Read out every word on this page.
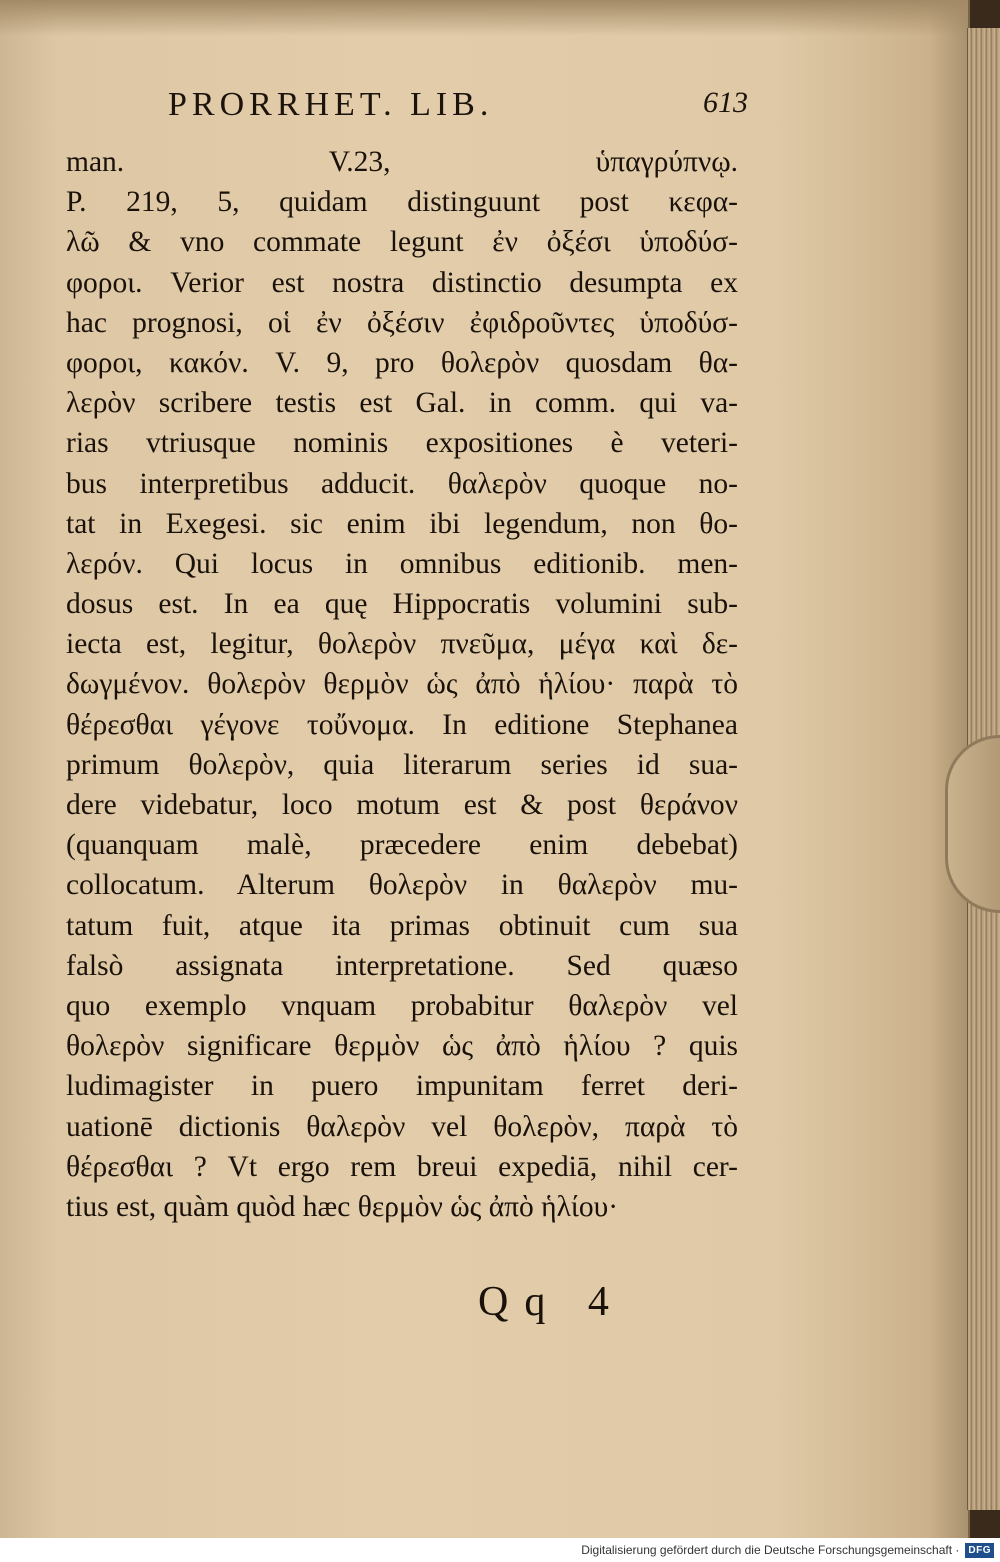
PRORRHET. LIB.	613
man. V.23, ὑπαγρύπνῳ.
P. 219, 5, quidam distinguunt post κεφα-
λῶ & vno commate legunt ἐν ὀξέσι ὑποδύσ-
φοροι. Verior est nostra distinctio desumpta ex
hac prognosi, οἱ ἐν ὀξέσιν ἐφιδροῦντες ὑποδύσ-
φοροι, κακόν. V. 9, pro θολερὸν quosdam θα-
λερὸν scribere testis est Gal. in comm. qui va-
rias vtriusque nominis expositiones è veteri-
bus interpretibus adducit. θαλερὸν quoque no-
tat in Exegesi. sic enim ibi legendum, non θο-
λερόν. Qui locus in omnibus editionib. men-
dosus est. In ea quę Hippocratis volumini sub-
iecta est, legitur, θολερὸν πνεῦμα, μέγα καὶ δε-
δωγμένον. θολερὸν θερμὸν ὡς ἀπὸ ἡλίου· παρὰ τὸ
θέρεσθαι γέγονε τοὔνομα. In editione Stephanea
primum θολερὸν, quia literarum series id sua-
dere videbatur, loco motum est & post θεράνον
(quanquam malè, præcedere enim debebat)
collocatum. Alterum θολερὸν in θαλερὸν mu-
tatum fuit, atque ita primas obtinuit cum sua
falsò assignata interpretatione. Sed quæso
quo exemplo vnquam probabitur θαλερὸν vel
θολερὸν significare θερμὸν ὡς ἀπὸ ἡλίου ? quis
ludimagister in puero impunitam ferret deri-
uationē dictionis θαλερὸν vel θολερὸν, παρὰ τὸ
θέρεσθαι ? Vt ergo rem breui expediā, nihil cer-
tius est, quàm quòd hæc θερμὸν ὡς ἀπὸ ἡλίου·
Qq 4
Digitalisierung gefördert durch die Deutsche Forschungsgemeinschaft · DFG
